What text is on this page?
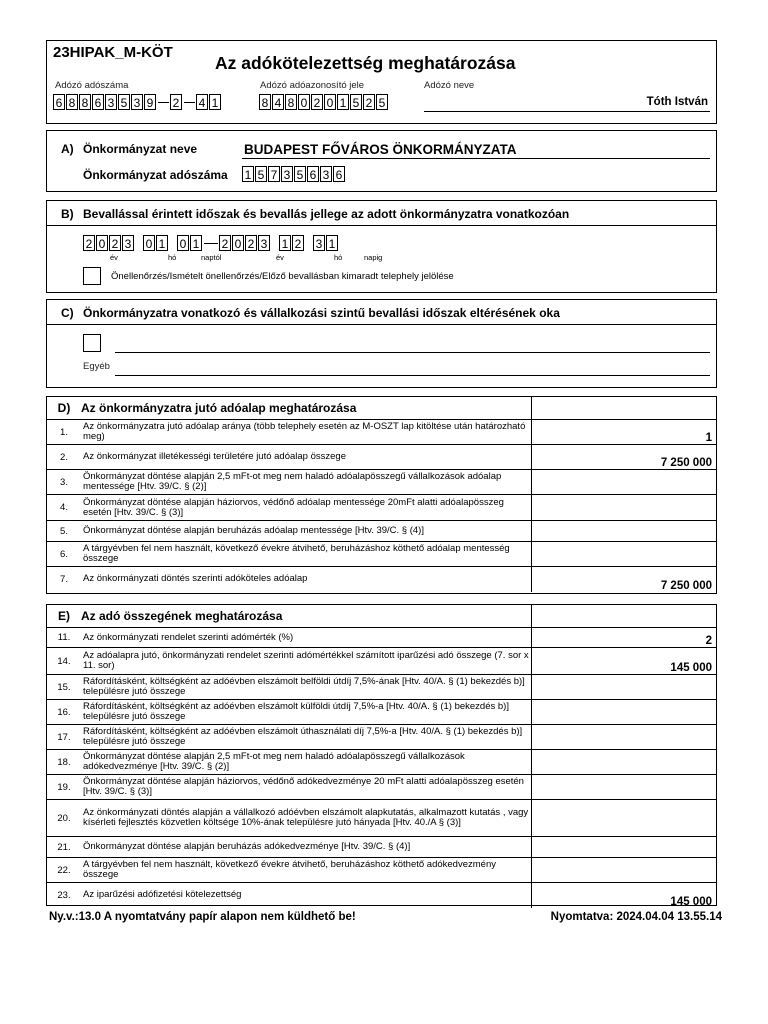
23HIPAK_M-KÖT
Az adókötelezettség meghatározása
Adózó adószáma
6 8 8 6 3 5 3 9 2 4 1
Adózó adóazonosító jele
8 4 8 0 2 0 1 5 2 5
Adózó neve
Tóth István
A) Önkormányzat neve	BUDAPEST FŐVÁROS ÖNKORMÁNYZATA
Önkormányzat adószáma 1 5 7 3 5 6 3 6
B) Bevallással érintett időszak és bevallás jellege az adott önkormányzatra vonatkozóan
2 0 2 3 0 1 0 1 2 0 2 3 1 2 3 1
év	hó	naptól	év	hó	napig
Önellenőrzés/Ismételt önellenőrzés/Előző bevallásban kimaradt telephely jelölése
C) Önkormányzatra vonatkozó és vállalkozási szintű bevallási időszak eltérésének oka
Egyéb
D)	Az önkormányzatra jutó adóalap meghatározása	
1.	Az önkormányzatra jutó adóalap aránya (több telephely esetén az M-OSZT lap kitöltése után határozható meg)	1
2.	Az önkormányzat illetékességi területére jutó adóalap összege	7 250 000
3.	Önkormányzat döntése alapján 2,5 mFt-ot meg nem haladó adóalapösszegű vállalkozások adóalap mentessége [Htv. 39/C. § (2)]	
4.	Önkormányzat döntése alapján háziorvos, védőnő adóalap mentessége 20mFt alatti adóalapösszeg esetén [Htv. 39/C. § (3)]	
5.	Önkormányzat döntése alapján beruházás adóalap mentessége [Htv. 39/C. § (4)]	
6.	A tárgyévben fel nem használt, következő évekre átvihető, beruházáshoz köthető adóalap mentesség összege	
7.	Az önkormányzati döntés szerinti adóköteles adóalap	7 250 000
E)	Az adó összegének meghatározása	
11.	Az önkormányzati rendelet szerinti adómérték (%)	2
14.	Az adóalapra jutó, önkormányzati rendelet szerinti adómértékkel számított iparűzési adó összege (7. sor x 11. sor)	145 000
15.	Ráfordításként, költségként az adóévben elszámolt belföldi útdíj 7,5%-ának [Htv. 40/A. § (1) bekezdés b)] településre jutó összege	
16.	Ráfordításként, költségként az adóévben elszámolt külföldi útdíj 7,5%-a [Htv. 40/A. § (1) bekezdés b)] településre jutó összege	
17.	Ráfordításként, költségként az adóévben elszámolt úthasználati díj 7,5%-a [Htv. 40/A. § (1) bekezdés b)] településre jutó összege	
18.	Önkormányzat döntése alapján 2,5 mFt-ot meg nem haladó adóalapösszegű vállalkozások adókedvezménye [Htv. 39/C. § (2)]	
19.	Önkormányzat döntése alapján háziorvos, védőnő adókedvezménye 20 mFt alatti adóalapösszeg esetén [Htv. 39/C. § (3)]	
20.	Az önkormányzati döntés alapján a vállalkozó adóévben elszámolt alapkutatás, alkalmazott kutatás , vagy kísérleti fejlesztés közvetlen költsége 10%-ának településre jutó hányada [Htv. 40./A § (3)]	
21.	Önkormányzat döntése alapján beruházás adókedvezménye [Htv. 39/C. § (4)]	
22.	A tárgyévben fel nem használt, következő évekre átvihető, beruházáshoz köthető adókedvezmény összege	
23.	Az iparűzési adófizetési kötelezettség	145 000
Ny.v.:13.0 A nyomtatvány papír alapon nem küldhető be!	Nyomtatva: 2024.04.04 13.55.14
